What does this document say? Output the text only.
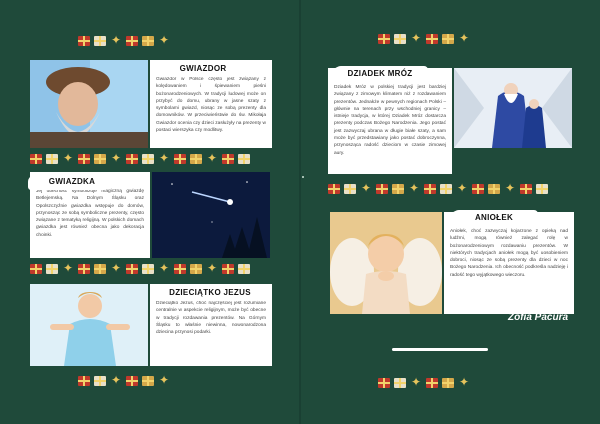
✦	✦

Gwiazdor w Polsce często jest związany z kolędowaniem i śpiewaniem pieśni bożonarodzeniowych. W tradycji ludowej może on przybyć do domu, ubrany w jasne szaty z symbolami gwiazd, niosąc ze sobą prezenty dla domowników. W przeciwieństwie do św. Mikołaja Gwiazdor ocenia czy dzieci zasłużyły na prezenty w postaci wierszyka czy modlitwy.

GWIAZDOR
✦	✦	✦	✦

Jej obecność symbolizuje magiczną gwiazdę Betlejemską. Na Dolnym Śląsku oraz Opolszczyźnie gwiazdka wstępuje do domów, przynosząc ze sobą symboliczne prezenty, często związane z tematyką religijną. W polskich domach gwiazdka jest również obecna jako dekoracja choinki.

GWIAZDKA
✦	✦	✦	✦

Dzieciątko Jezus, choć najczęściej jest rozumiane centralnie w aspekcie religijnym, może być obecne w tradycji rozdawania prezentów. Na Górnym Śląsku to właśnie niewinna, nowonarodzona dziecina przynosi podarki.

DZIECIĄTKO JEZUS
✦	✦
✦	✦

Dziadek Mróz w polskiej tradycji jest bardziej związany z zimowym klimatem niż z rozdawaniem prezentów. Jednakże w pewnych regionach Polski – głównie na terenach przy wschodniej granicy – istnieje tradycja, w której Dziadek Mróz dostarcza prezenty podczas Bożego Narodzenia. Jego postać jest zazwyczaj ubrana w długie białe szaty, a sam może być przedstawiany jako postać dobroczynna, przynosząca radość dzieciom w czasie zimowej aury.

DZIADEK MRÓZ
✦	✦	✦	✦

Aniołek, choć zazwyczaj kojarzone z opieką nad ludźmi, mogą również zalegać rolę w bożonarodzeniowym rozdawaniu prezentów. W niektórych tradycjach aniołek mogą być uosobieniem dobroci, niosąc ze sobą prezenty dla dzieci w noc Bożego Narodzenia. Ich obecność podkreśla nadzieję i radość tego wyjątkowego wieczoru.

ANIOŁEK
Zofia Pacura
✦	✦
